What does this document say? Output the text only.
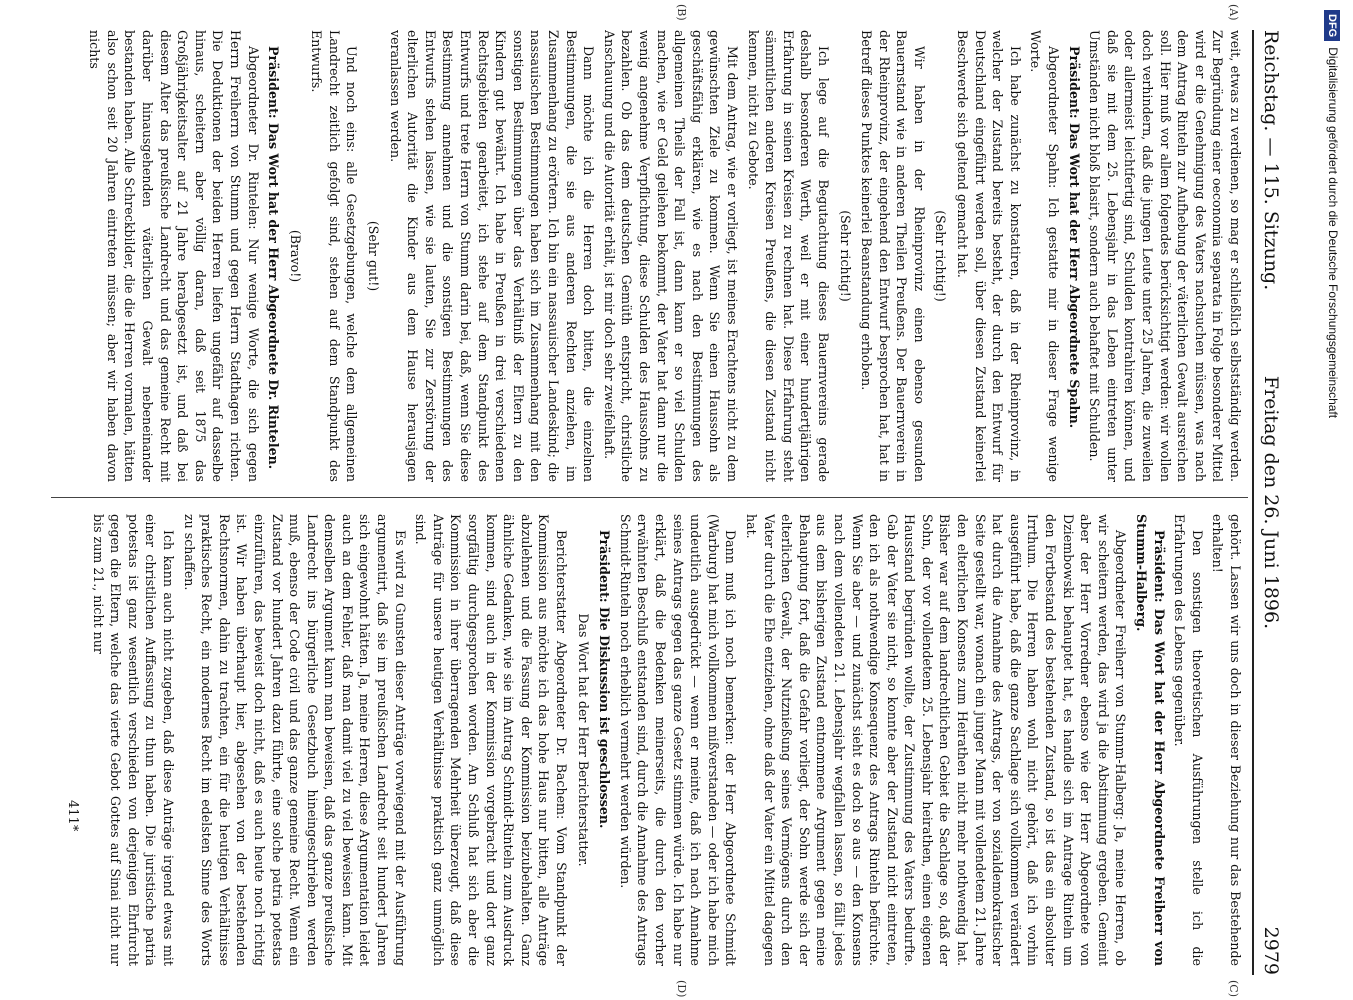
Reichstag. — 115. Sitzung.
Freitag den 26. Juni 1896.
2979
(A)
(B)
(C)
(D)

weit, etwas zu verdienen, so mag er schließlich selbstständig werden. Zur Begründung einer oeconomia separata in Folge besonderer Mittel wird er die Genehmigung des Vaters nachsuchen müssen, was nach dem Antrag Rinteln zur Aufhebung der väterlichen Gewalt ausreichen soll. Hier muß vor allem folgendes berücksichtigt werden: wir wollen doch verhindern, daß die jungen Leute unter 25 Jahren, die zuweilen oder allermeist leichtfertig sind, Schulden kontrahiren können, und daß sie mit dem 25. Lebensjahr in das Leben eintreten unter Umständen nicht bloß blasirt, sondern auch behaftet mit Schulden.

Präsident: Das Wort hat der Herr Abgeordnete Spahn.

Abgeordneter Spahn: Ich gestatte mir in dieser Frage wenige Worte.

Ich habe zunächst zu konstatiren, daß in der Rheinprovinz, in welcher der Zustand bereits besteht, der durch den Entwurf für Deutschland eingeführt werden soll, über diesen Zustand keinerlei Beschwerde sich geltend gemacht hat.

(Sehr richtig!)

Wir haben in der Rheinprovinz einen ebenso gesunden Bauernstand wie in anderen Theilen Preußens. Der Bauernverein in der Rheinprovinz, der eingehend den Entwurf besprochen hat, hat in Betreff dieses Punktes keinerlei Beanstandung erhoben.

(Sehr richtig!)

Ich lege auf die Begutachtung dieses Bauernvereins gerade deshalb besonderen Werth, weil er mit einer hundertjährigen Erfahrung in seinen Kreisen zu rechnen hat. Diese Erfahrung steht sämmtlichen anderen Kreisen Preußens, die diesen Zustand nicht kennen, nicht zu Gebote.

Mit dem Antrag, wie er vorliegt, ist meines Erachtens nicht zu dem gewünschten Ziele zu kommen. Wenn Sie einen Haussohn als geschäftsfähig erklären, wie es nach den Bestimmungen des allgemeinen Theils der Fall ist, dann kann er so viel Schulden machen, wie er Geld geliehen bekommt, der Vater hat dann nur die wenig angenehme Verpflichtung, diese Schulden des Haussohns zu bezahlen. Ob das dem deutschen Gemüth entspricht, christliche Anschauung und die Autorität erhält, ist mir doch sehr zweifelhaft.

Dann möchte ich die Herren doch bitten, die einzelnen Bestimmungen, die sie aus anderen Rechten anziehen, im Zusammenhang zu erörtern. Ich bin ein nassauischer Landeskind; die nassauischen Bestimmungen haben sich im Zusammenhang mit den sonstigen Bestimmungen über das Verhältniß der Eltern zu den Kindern gut bewährt. Ich habe in Preußen in drei verschiedenen Rechtsgebieten gearbeitet, ich stehe auf dem Standpunkt des Entwurfs und trete Herrn von Stumm darin bei, daß, wenn Sie diese Bestimmung annehmen und die sonstigen Bestimmungen des Entwurfs stehen lassen, wie sie lauten, Sie zur Zerstörung der elterlichen Autorität die Kinder aus dem Hause herausjagen veranlassen werden.

(Sehr gut!)

Und noch eins: alle Gesetzgebungen, welche dem allgemeinen Landrecht zeitlich gefolgt sind, stehen auf dem Standpunkt des Entwurfs.

(Bravo!)

Präsident: Das Wort hat der Herr Abgeordnete Dr. Rintelen.

Abgeordneter Dr. Rintelen: Nur wenige Worte, die sich gegen Herrn Freiherrn von Stumm und gegen Herrn Stadthagen richten. Die Deduktionen der beiden Herren liefen ungefähr auf dasselbe hinaus, scheitern aber völlig daran, daß seit 1875 das Großjährigkeitsalter auf 21 Jahre herabgesetzt ist, und daß bei diesem Alter das preußische Landrecht und das gemeine Recht mit darüber hinausgehenden väterlichen Gewalt nebeneinander bestanden haben. Alle Schreckbilder, die die Herren vormalen, hätten also schon seit 20 Jahren eintreten müssen; aber wir haben davon nichts

gehört. Lassen wir uns doch in dieser Beziehung nur das Bestehende erhalten!

Den sonstigen theoretischen Ausführungen stelle ich die Erfahrungen des Lebens gegenüber.

Präsident: Das Wort hat der Herr Abgeordnete Freiherr von Stumm-Halberg.

Abgeordneter Freiherr von Stumm-Halberg: Ja, meine Herren, ob wir scheitern werden, das wird ja die Abstimmung ergeben. Gemeint aber der Herr Vorredner ebenso wie der Herr Abgeordnete von Dziembowski behauptet hat, es handle sich im Antrage Rinteln um den Fortbestand des bestehenden Zustand, so ist das ein absoluter Irrthum. Die Herren haben wohl nicht gehört, daß ich vorhin ausgeführt habe, daß die ganze Sachlage sich vollkommen verändert hat durch die Annahme des Antrags, der von sozialdemokratischer Seite gestellt war, wonach ein junger Mann mit vollendetem 21. Jahre den elterlichen Konsens zum Heirathen nicht mehr nothwendig hat. Bisher war auf dem landrechtlichen Gebiet die Sachlage so, daß der Sohn, der vor vollendetem 25. Lebensjahr heirathen, einen eigenen Hausstand begründen wollte, der Zustimmung des Vaters bedurfte. Gab der Vater sie nicht, so konnte aber der Zustand nicht eintreten, den ich als nothwendige Konsequenz des Antrags Rinteln befürchte. Wenn Sie aber — und zunächst sieht es doch so aus — den Konsens nach dem vollendeten 21. Lebensjahr wegfallen lassen, so fällt jedes aus dem bisherigen Zustand entnommene Argument gegen meine Behauptung fort, daß die Gefahr vorliegt, der Sohn werde sich der elterlichen Gewalt, der Nutznießung seines Vermögens durch den Vater durch die Ehe entziehen, ohne daß der Vater ein Mittel dagegen hat.

Dann muß ich noch bemerken: der Herr Abgeordnete Schmidt (Warburg) hat mich vollkommen mißverstanden — oder ich habe mich undeutlich ausgedrückt — wenn er meinte, daß ich nach Annahme seines Antrags gegen das ganze Gesetz stimmen würde. Ich habe nur erklärt, daß die Bedenken meinerseits, die durch den vorher erwähnten Beschluß entstanden sind, durch die Annahme des Antrags Schmidt-Rinteln noch erheblich vermehrt werden würden.

Präsident: Die Diskussion ist geschlossen.

Das Wort hat der Herr Berichterstatter.

Berichterstatter Abgeordneter Dr. Bachem: Vom Standpunkt der Kommission aus möchte ich das hohe Haus nur bitten, alle Anträge abzulehnen und die Fassung der Kommission beizubehalten. Ganz ähnliche Gedanken, wie sie im Antrag Schmidt-Rinteln zum Ausdruck kommen, sind auch in der Kommission vorgebracht und dort ganz sorgfältig durchgesprochen worden. Am Schluß hat sich aber die Kommission in ihrer überragenden Mehrheit überzeugt, daß diese Anträge für unsere heutigen Verhältnisse praktisch ganz unmöglich sind.

Es wird zu Gunsten dieser Anträge vorwiegend mit der Ausführung argumentirt, daß sie im preußischen Landrecht seit hundert Jahren sich eingewohnt hätten. Ja, meine Herren, diese Argumentation leidet auch an dem Fehler, daß man damit viel zu viel beweisen kann. Mit demselben Argument kann man beweisen, daß das ganze preußische Landrecht ins bürgerliche Gesetzbuch hineingeschrieben werden muß, ebenso der Code civil und das ganze gemeine Recht. Wenn ein Zustand vor hundert Jahren dazu führte, eine solche patria potestas einzuführen, das beweist doch nicht, daß es auch heute noch richtig ist. Wir haben überhaupt hier, abgesehen von der bestehenden Rechtsnormen, dahin zu trachten, ein für die heutigen Verhältnisse praktisches Recht, ein modernes Recht im edelsten Sinne des Worts zu schaffen.

Ich kann auch nicht zugeben, daß diese Anträge irgend etwas mit einer christlichen Auffassung zu thun haben. Die juristische patria potestas ist ganz wesentlich verschieden von derjenigen Ehrfurcht gegen die Eltern, welche das vierte Gebot Gottes auf Sinai nicht nur bis zum 21., nicht nur

411*
DFGDigitalisierung gefördert durch die Deutsche Forschungsgemeinschaft
